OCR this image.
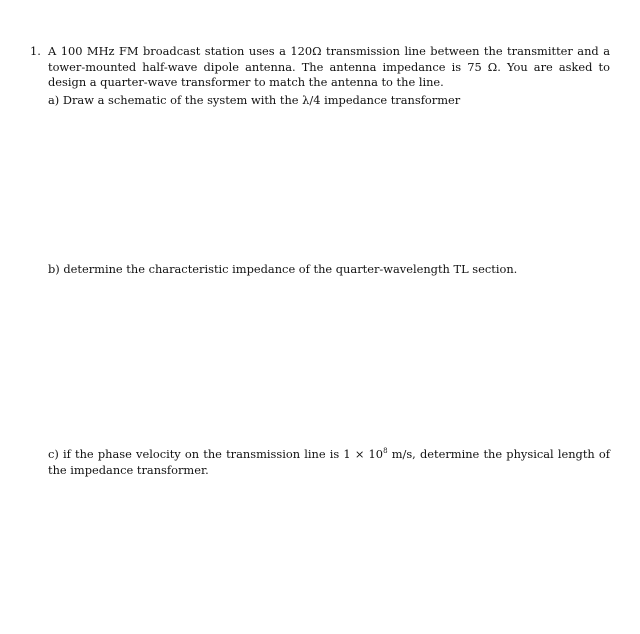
1. A 100 MHz FM broadcast station uses a 120Ω transmission line between the transmitter and a tower-mounted half-wave dipole antenna. The antenna impedance is 75 Ω. You are asked to design a quarter-wave transformer to match the antenna to the line.
a) Draw a schematic of the system with the λ/4 impedance transformer
b) determine the characteristic impedance of the quarter-wavelength TL section.
c) if the phase velocity on the transmission line is $1 \times 10^8$ m/s, determine the physical length of the impedance transformer.
